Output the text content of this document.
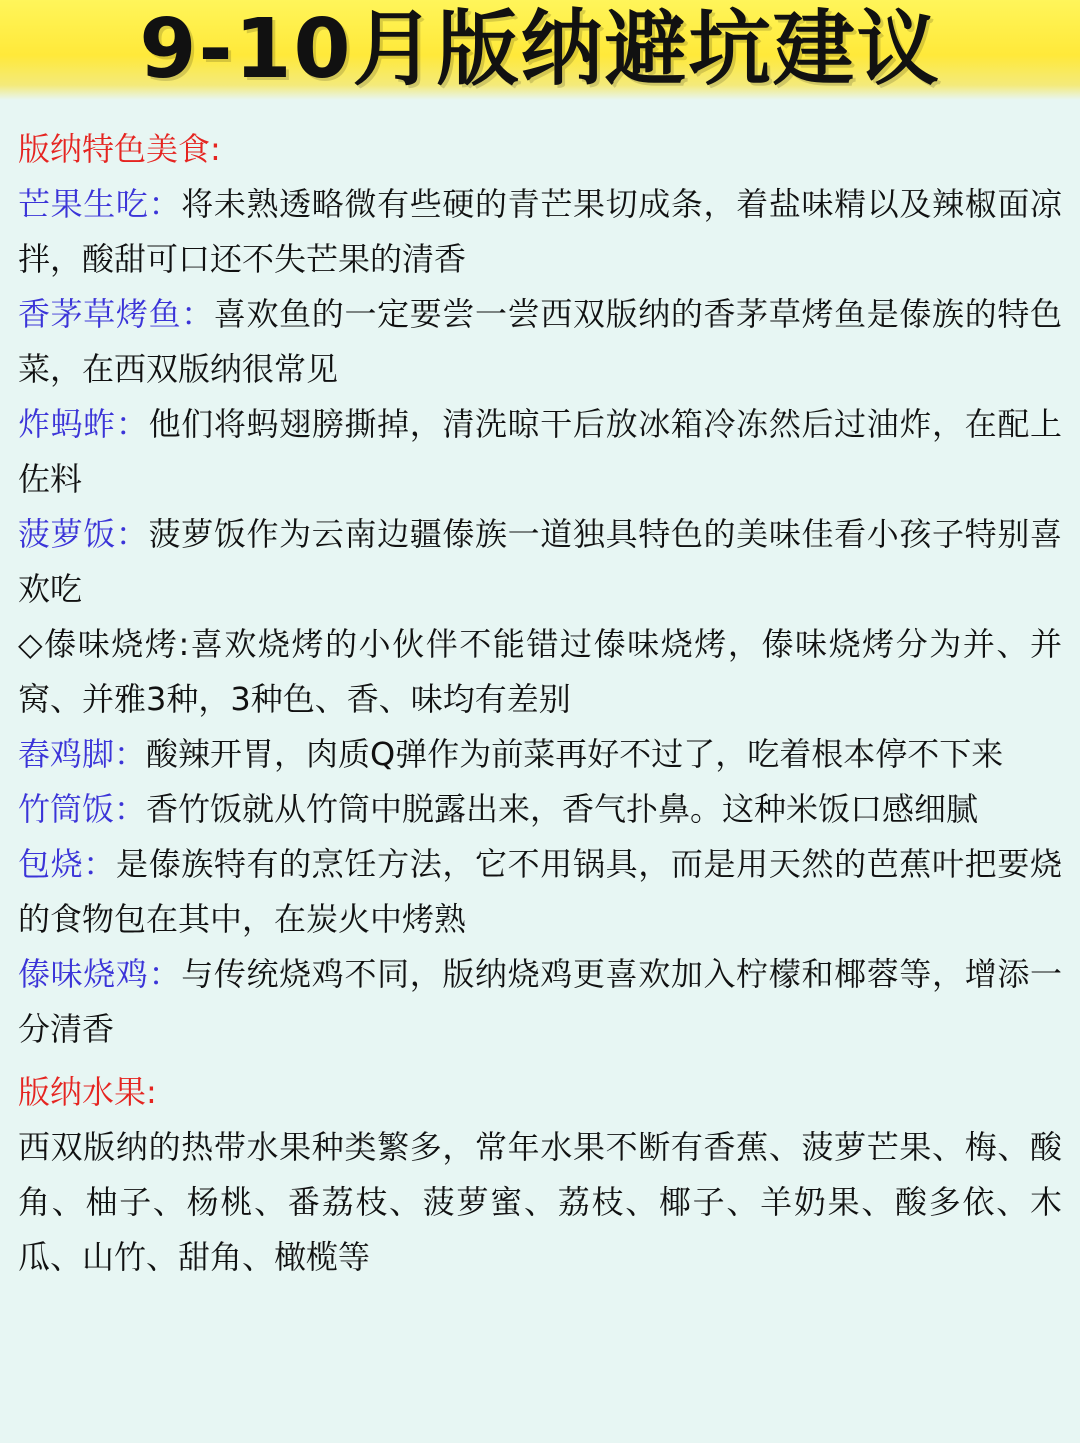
9-10月版纳避坑建议

版纳特色美食:

芒果生吃：将未熟透略微有些硬的青芒果切成条，着盐味精以及辣椒面凉拌，酸甜可口还不失芒果的清香

香茅草烤鱼：喜欢鱼的一定要尝一尝西双版纳的香茅草烤鱼是傣族的特色菜，在西双版纳很常见

炸蚂蚱：他们将蚂翅膀撕掉，清洗晾干后放冰箱冷冻然后过油炸，在配上佐料

菠萝饭：菠萝饭作为云南边疆傣族一道独具特色的美味佳看小孩子特别喜欢吃

◇傣味烧烤:喜欢烧烤的小伙伴不能错过傣味烧烤，傣味烧烤分为并、并窝、并雅3种，3种色、香、味均有差别

舂鸡脚：酸辣开胃，肉质Q弹作为前菜再好不过了，吃着根本停不下来

竹筒饭：香竹饭就从竹筒中脱露出来，香气扑鼻。这种米饭口感细腻

包烧：是傣族特有的烹饪方法，它不用锅具，而是用天然的芭蕉叶把要烧的食物包在其中，在炭火中烤熟

傣味烧鸡：与传统烧鸡不同，版纳烧鸡更喜欢加入柠檬和椰蓉等，增添一分清香

版纳水果:

西双版纳的热带水果种类繁多，常年水果不断有香蕉、菠萝芒果、梅、酸角、柚子、杨桃、番荔枝、菠萝蜜、荔枝、椰子、羊奶果、酸多依、木瓜、山竹、甜角、橄榄等
